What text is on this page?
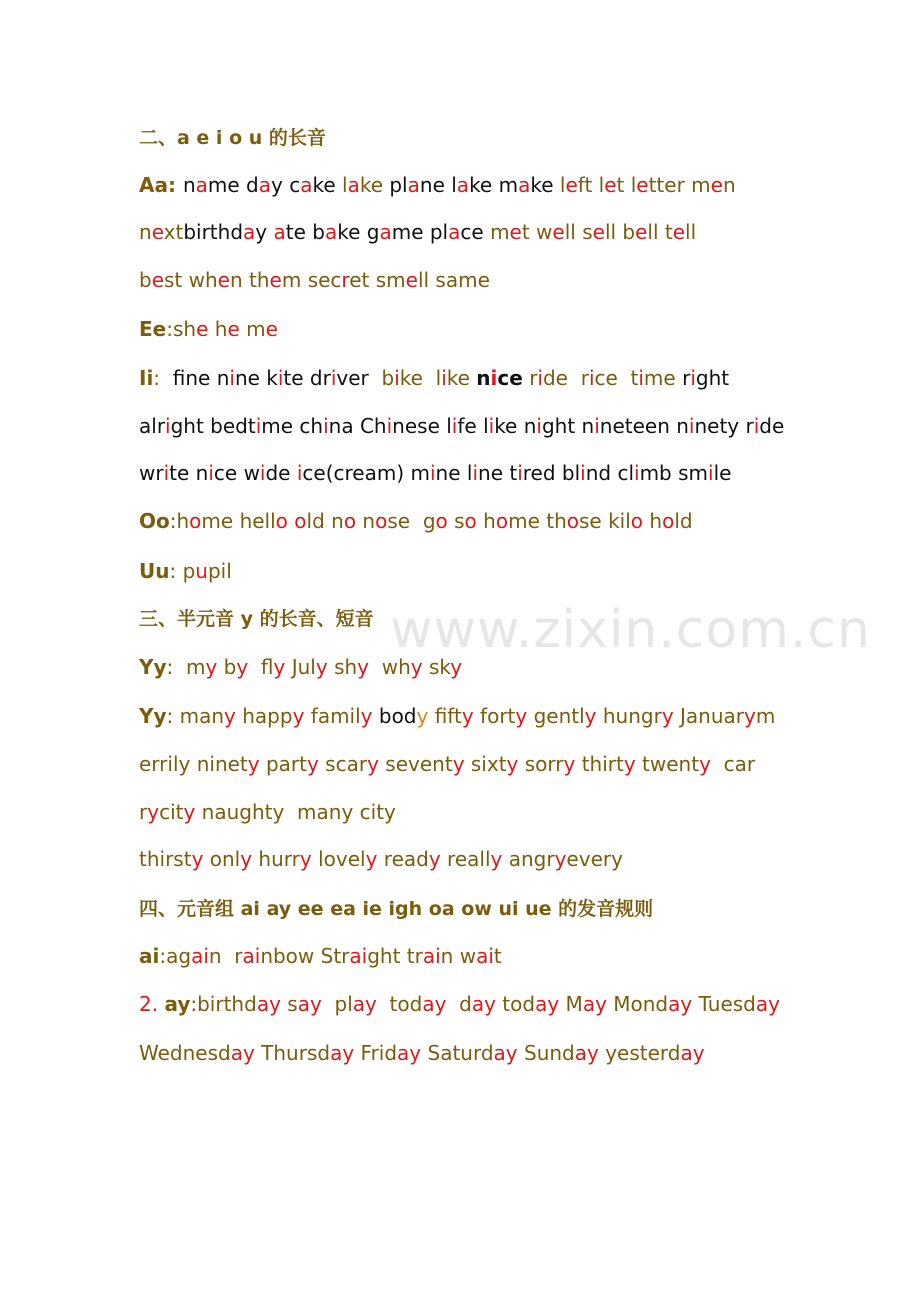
二、a e i o u 的长音
Aa: name day cake lake plane lake make left let letter men
nextbirthday ate bake game place met well sell bell tell
best when them secret smell same
Ee:she he me
Ii:  fne nine kite driver  bike  like nice ride  rice  time right
alright bedtime china Chinese life like night nineteen ninety ride
write nice wide ice(cream) mine line tired blind climb smile
Oo:home hello old no nose  go so home those kilo hold
Uu: pupil
三、半元音 y 的长音、短音
Yy:  my by  fly July shy  why sky
Yy: many happy family body fifty forty gently hungry Januarym
errily ninety party scary seventy sixty sorry thirty twenty  car
rycity naughty  many city
thirsty only hurry lovely ready really angryevery
四、元音组 ai ay ee ea ie igh oa ow ui ue 的发音规则
ai:again  rainbow Straight train wait
2. ay:birthday say  play  today  day today May Monday Tuesday
Wednesday Thursday Friday Saturday Sunday yesterday
www.zixin.com.cn
